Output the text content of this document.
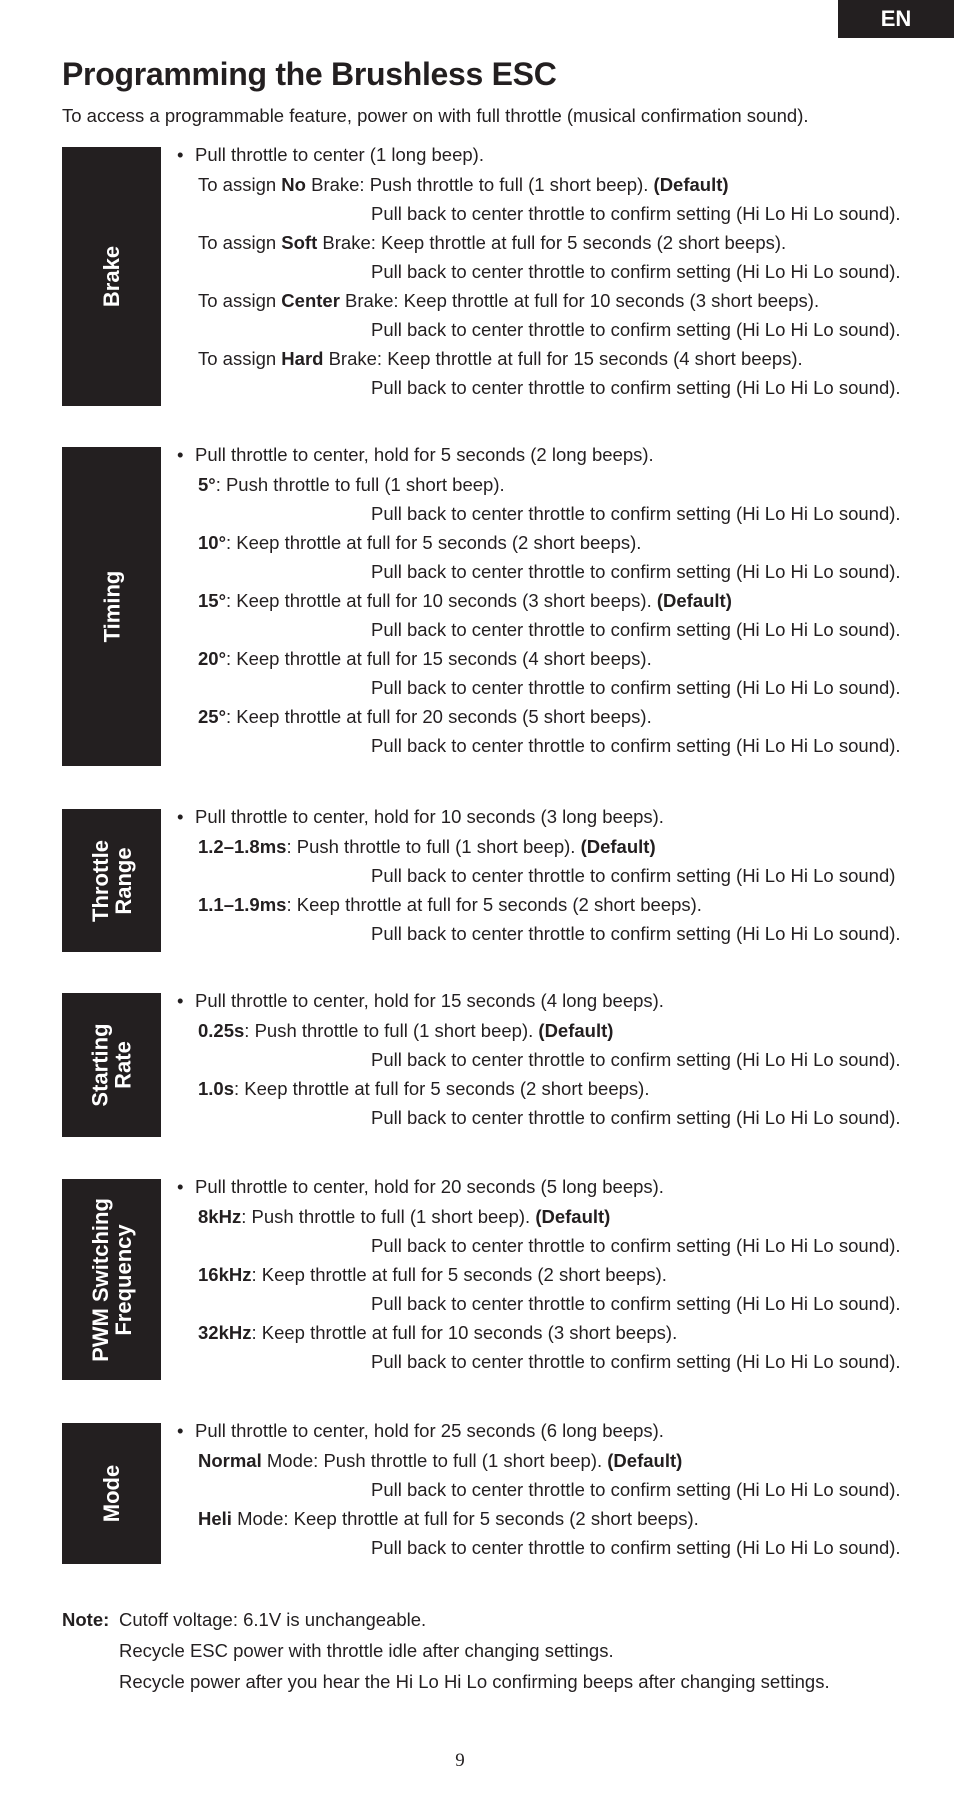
EN
Programming the Brushless ESC
To access a programmable feature, power on with full throttle (musical confirmation sound).
Brake
• Pull throttle to center (1 long beep).
To assign No Brake: Push throttle to full (1 short beep). (Default)
Pull back to center throttle to confirm setting (Hi Lo Hi Lo sound).
To assign Soft Brake: Keep throttle at full for 5 seconds (2 short beeps).
Pull back to center throttle to confirm setting (Hi Lo Hi Lo sound).
To assign Center Brake: Keep throttle at full for 10 seconds (3 short beeps).
Pull back to center throttle to confirm setting (Hi Lo Hi Lo sound).
To assign Hard Brake: Keep throttle at full for 15 seconds (4 short beeps).
Pull back to center throttle to confirm setting (Hi Lo Hi Lo sound).
Timing
• Pull throttle to center, hold for 5 seconds (2 long beeps).
5°: Push throttle to full (1 short beep).
Pull back to center throttle to confirm setting (Hi Lo Hi Lo sound).
10°: Keep throttle at full for 5 seconds (2 short beeps).
Pull back to center throttle to confirm setting (Hi Lo Hi Lo sound).
15°: Keep throttle at full for 10 seconds (3 short beeps). (Default)
Pull back to center throttle to confirm setting (Hi Lo Hi Lo sound).
20°: Keep throttle at full for 15 seconds (4 short beeps).
Pull back to center throttle to confirm setting (Hi Lo Hi Lo sound).
25°: Keep throttle at full for 20 seconds (5 short beeps).
Pull back to center throttle to confirm setting (Hi Lo Hi Lo sound).
Throttle
Range
• Pull throttle to center, hold for 10 seconds (3 long beeps).
1.2–1.8ms: Push throttle to full (1 short beep). (Default)
Pull back to center throttle to confirm setting (Hi Lo Hi Lo sound)
1.1–1.9ms: Keep throttle at full for 5 seconds (2 short beeps).
Pull back to center throttle to confirm setting (Hi Lo Hi Lo sound).
Starting
Rate
• Pull throttle to center, hold for 15 seconds (4 long beeps).
0.25s: Push throttle to full (1 short beep). (Default)
Pull back to center throttle to confirm setting (Hi Lo Hi Lo sound).
1.0s: Keep throttle at full for 5 seconds (2 short beeps).
Pull back to center throttle to confirm setting (Hi Lo Hi Lo sound).
PWM Switching
Frequency
• Pull throttle to center, hold for 20 seconds (5 long beeps).
8kHz: Push throttle to full (1 short beep). (Default)
Pull back to center throttle to confirm setting (Hi Lo Hi Lo sound).
16kHz: Keep throttle at full for 5 seconds (2 short beeps).
Pull back to center throttle to confirm setting (Hi Lo Hi Lo sound).
32kHz: Keep throttle at full for 10 seconds (3 short beeps).
Pull back to center throttle to confirm setting (Hi Lo Hi Lo sound).
Mode
• Pull throttle to center, hold for 25 seconds (6 long beeps).
Normal Mode: Push throttle to full (1 short beep). (Default)
Pull back to center throttle to confirm setting (Hi Lo Hi Lo sound).
Heli Mode: Keep throttle at full for 5 seconds (2 short beeps).
Pull back to center throttle to confirm setting (Hi Lo Hi Lo sound).
Note: Cutoff voltage: 6.1V is unchangeable.
Recycle ESC power with throttle idle after changing settings.
Recycle power after you hear the Hi Lo Hi Lo confirming beeps after changing settings.
9
